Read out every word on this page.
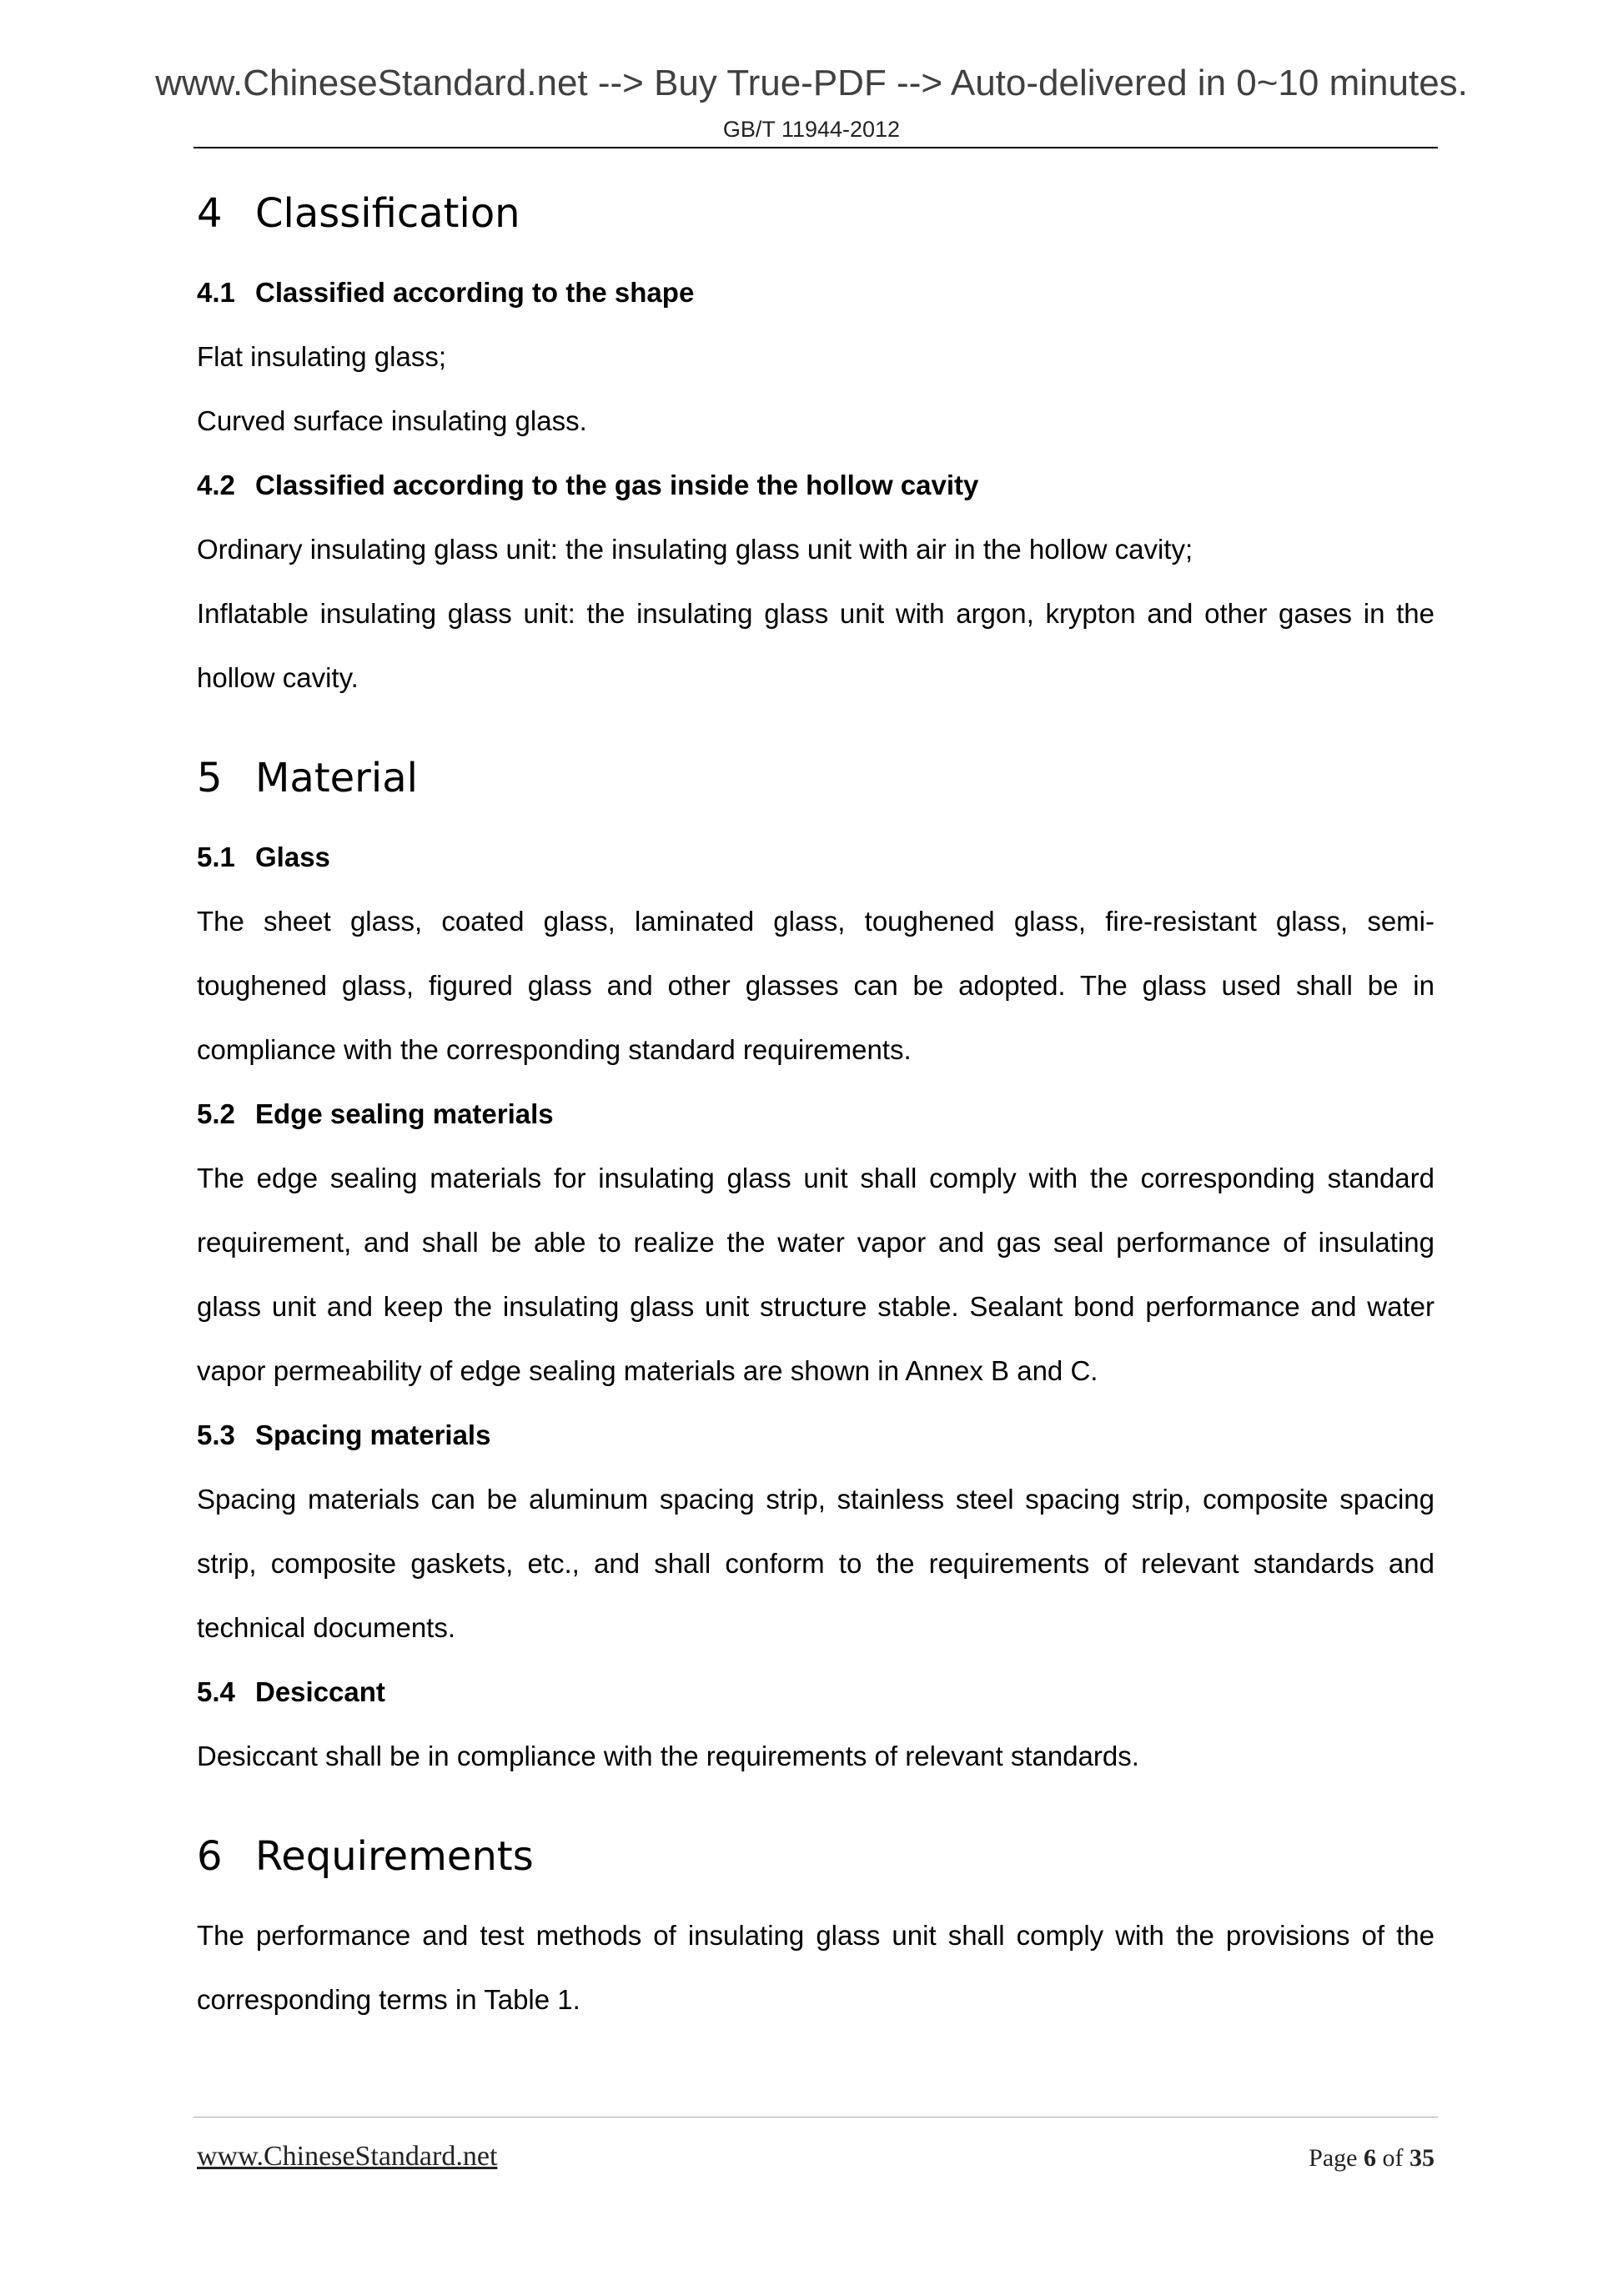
www.ChineseStandard.net --> Buy True-PDF --> Auto-delivered in 0~10 minutes.
GB/T 11944-2012
4 Classification
4.1 Classified according to the shape

Flat insulating glass;

Curved surface insulating glass.

4.2 Classified according to the gas inside the hollow cavity

Ordinary insulating glass unit: the insulating glass unit with air in the hollow cavity;

Inflatable insulating glass unit: the insulating glass unit with argon, krypton and other gases in the hollow cavity.

5 Material
5.1 Glass

The sheet glass, coated glass, laminated glass, toughened glass, fire-resistant glass, semi-toughened glass, figured glass and other glasses can be adopted. The glass used shall be in compliance with the corresponding standard requirements.

5.2 Edge sealing materials

The edge sealing materials for insulating glass unit shall comply with the corresponding standard requirement, and shall be able to realize the water vapor and gas seal performance of insulating glass unit and keep the insulating glass unit structure stable. Sealant bond performance and water vapor permeability of edge sealing materials are shown in Annex B and C.

5.3 Spacing materials

Spacing materials can be aluminum spacing strip, stainless steel spacing strip, composite spacing strip, composite gaskets, etc., and shall conform to the requirements of relevant standards and technical documents.

5.4 Desiccant

Desiccant shall be in compliance with the requirements of relevant standards.

6 Requirements

The performance and test methods of insulating glass unit shall comply with the provisions of the corresponding terms in Table 1.

www.ChineseStandard.net	Page 6 of 35
